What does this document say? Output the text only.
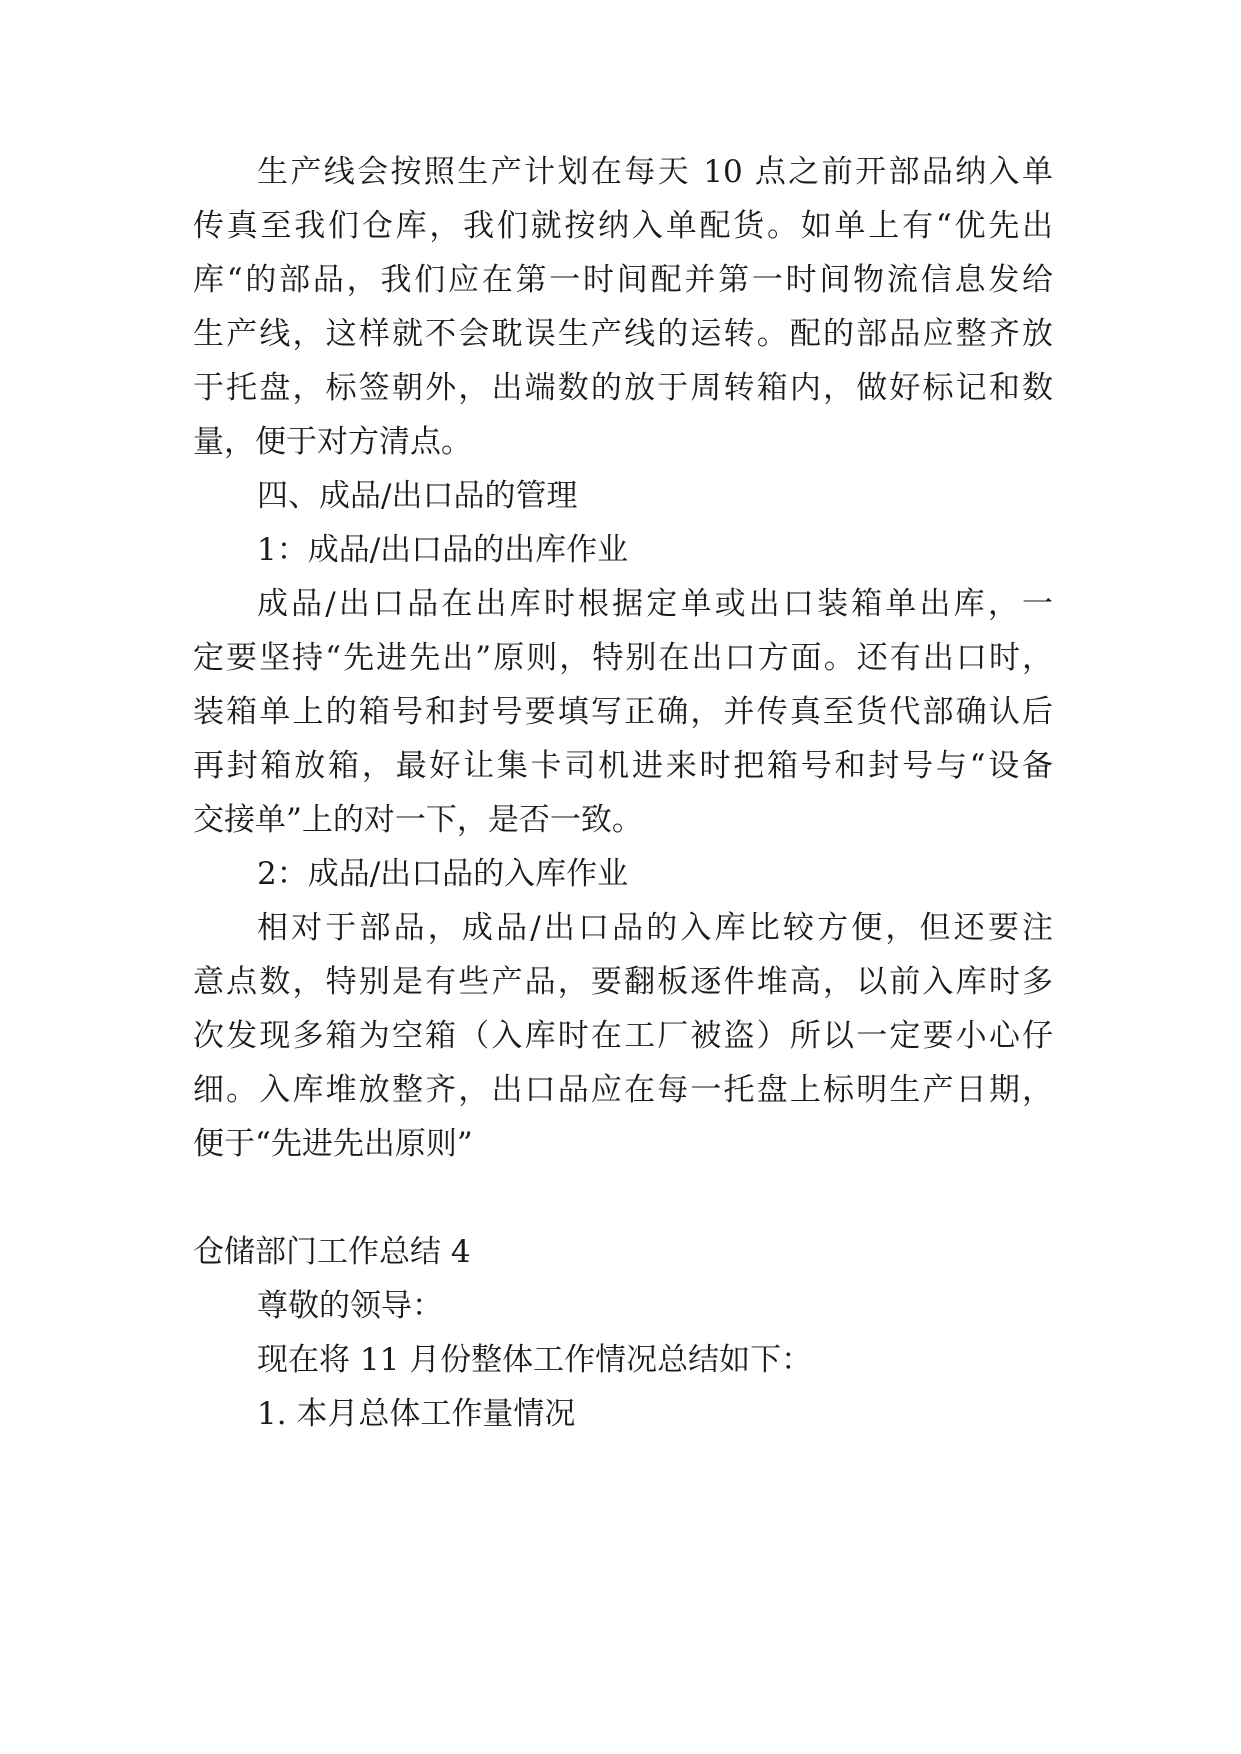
生产线会按照生产计划在每天 10 点之前开部品纳入单
传真至我们仓库，我们就按纳入单配货。如单上有“优先出
库“的部品，我们应在第一时间配并第一时间物流信息发给
生产线，这样就不会耽误生产线的运转。配的部品应整齐放
于托盘，标签朝外，出端数的放于周转箱内，做好标记和数
量，便于对方清点。
四、成品/出口品的管理
1：成品/出口品的出库作业
成品/出口品在出库时根据定单或出口装箱单出库，一
定要坚持“先进先出”原则，特别在出口方面。还有出口时，
装箱单上的箱号和封号要填写正确，并传真至货代部确认后
再封箱放箱，最好让集卡司机进来时把箱号和封号与“设备
交接单”上的对一下，是否一致。
2：成品/出口品的入库作业
相对于部品，成品/出口品的入库比较方便，但还要注
意点数，特别是有些产品，要翻板逐件堆高，以前入库时多
次发现多箱为空箱（入库时在工厂被盗）所以一定要小心仔
细。入库堆放整齐，出口品应在每一托盘上标明生产日期，
便于“先进先出原则”
仓储部门工作总结 4
尊敬的领导：
现在将 11 月份整体工作情况总结如下：
1. 本月总体工作量情况
